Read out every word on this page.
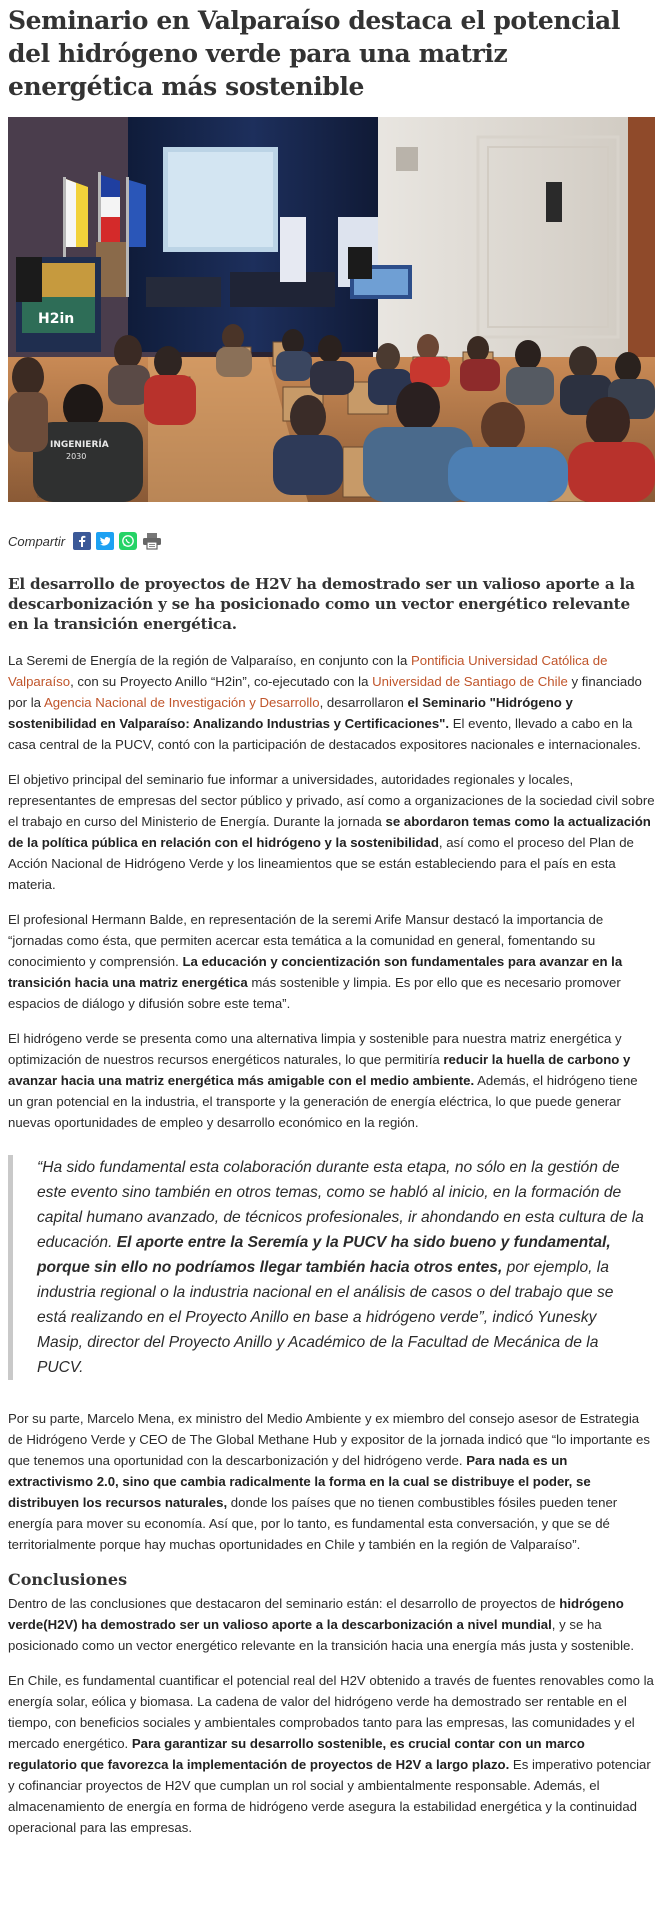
Seminario en Valparaíso destaca el potencial del hidrógeno verde para una matriz energética más sostenible
H2in
INGENIERÍA
2030
Compartir
El desarrollo de proyectos de H2V ha demostrado ser un valioso aporte a la descarbonización y se ha posicionado como un vector energético relevante en la transición energética.

La Seremi de Energía de la región de Valparaíso, en conjunto con la Pontificia Universidad Católica de Valparaíso, con su Proyecto Anillo “H2in”, co-ejecutado con la Universidad de Santiago de Chile y financiado por la Agencia Nacional de Investigación y Desarrollo, desarrollaron el Seminario "Hidrógeno y sostenibilidad en Valparaíso: Analizando Industrias y Certificaciones". El evento, llevado a cabo en la casa central de la PUCV, contó con la participación de destacados expositores nacionales e internacionales.

El objetivo principal del seminario fue informar a universidades, autoridades regionales y locales, representantes de empresas del sector público y privado, así como a organizaciones de la sociedad civil sobre el trabajo en curso del Ministerio de Energía. Durante la jornada se abordaron temas como la actualización de la política pública en relación con el hidrógeno y la sostenibilidad, así como el proceso del Plan de Acción Nacional de Hidrógeno Verde y los lineamientos que se están estableciendo para el país en esta materia.

El profesional Hermann Balde, en representación de la seremi Arife Mansur destacó la importancia de “jornadas como ésta, que permiten acercar esta temática a la comunidad en general, fomentando su conocimiento y comprensión. La educación y concientización son fundamentales para avanzar en la transición hacia una matriz energética más sostenible y limpia. Es por ello que es necesario promover espacios de diálogo y difusión sobre este tema”.

El hidrógeno verde se presenta como una alternativa limpia y sostenible para nuestra matriz energética y optimización de nuestros recursos energéticos naturales, lo que permitiría reducir la huella de carbono y avanzar hacia una matriz energética más amigable con el medio ambiente. Además, el hidrógeno tiene un gran potencial en la industria, el transporte y la generación de energía eléctrica, lo que puede generar nuevas oportunidades de empleo y desarrollo económico en la región.

“Ha sido fundamental esta colaboración durante esta etapa, no sólo en la gestión de este evento sino también en otros temas, como se habló al inicio, en la formación de capital humano avanzado, de técnicos profesionales, ir ahondando en esta cultura de la educación. El aporte entre la Seremía y la PUCV ha sido bueno y fundamental, porque sin ello no podríamos llegar también hacia otros entes, por ejemplo, la industria regional o la industria nacional en el análisis de casos o del trabajo que se está realizando en el Proyecto Anillo en base a hidrógeno verde”, indicó Yunesky Masip, director del Proyecto Anillo y Académico de la Facultad de Mecánica de la PUCV.

Por su parte, Marcelo Mena, ex ministro del Medio Ambiente y ex miembro del consejo asesor de Estrategia de Hidrógeno Verde y CEO de The Global Methane Hub y expositor de la jornada indicó que “lo importante es que tenemos una oportunidad con la descarbonización y del hidrógeno verde. Para nada es un extractivismo 2.0, sino que cambia radicalmente la forma en la cual se distribuye el poder, se distribuyen los recursos naturales, donde los países que no tienen combustibles fósiles pueden tener energía para mover su economía. Así que, por lo tanto, es fundamental esta conversación, y que se dé territorialmente porque hay muchas oportunidades en Chile y también en la región de Valparaíso”.

Conclusiones

Dentro de las conclusiones que destacaron del seminario están: el desarrollo de proyectos de hidrógeno verde(H2V) ha demostrado ser un valioso aporte a la descarbonización a nivel mundial, y se ha posicionado como un vector energético relevante en la transición hacia una energía más justa y sostenible.

En Chile, es fundamental cuantificar el potencial real del H2V obtenido a través de fuentes renovables como la energía solar, eólica y biomasa. La cadena de valor del hidrógeno verde ha demostrado ser rentable en el tiempo, con beneficios sociales y ambientales comprobados tanto para las empresas, las comunidades y el mercado energético. Para garantizar su desarrollo sostenible, es crucial contar con un marco regulatorio que favorezca la implementación de proyectos de H2V a largo plazo. Es imperativo potenciar y cofinanciar proyectos de H2V que cumplan un rol social y ambientalmente responsable. Además, el almacenamiento de energía en forma de hidrógeno verde asegura la estabilidad energética y la continuidad operacional para las empresas.
